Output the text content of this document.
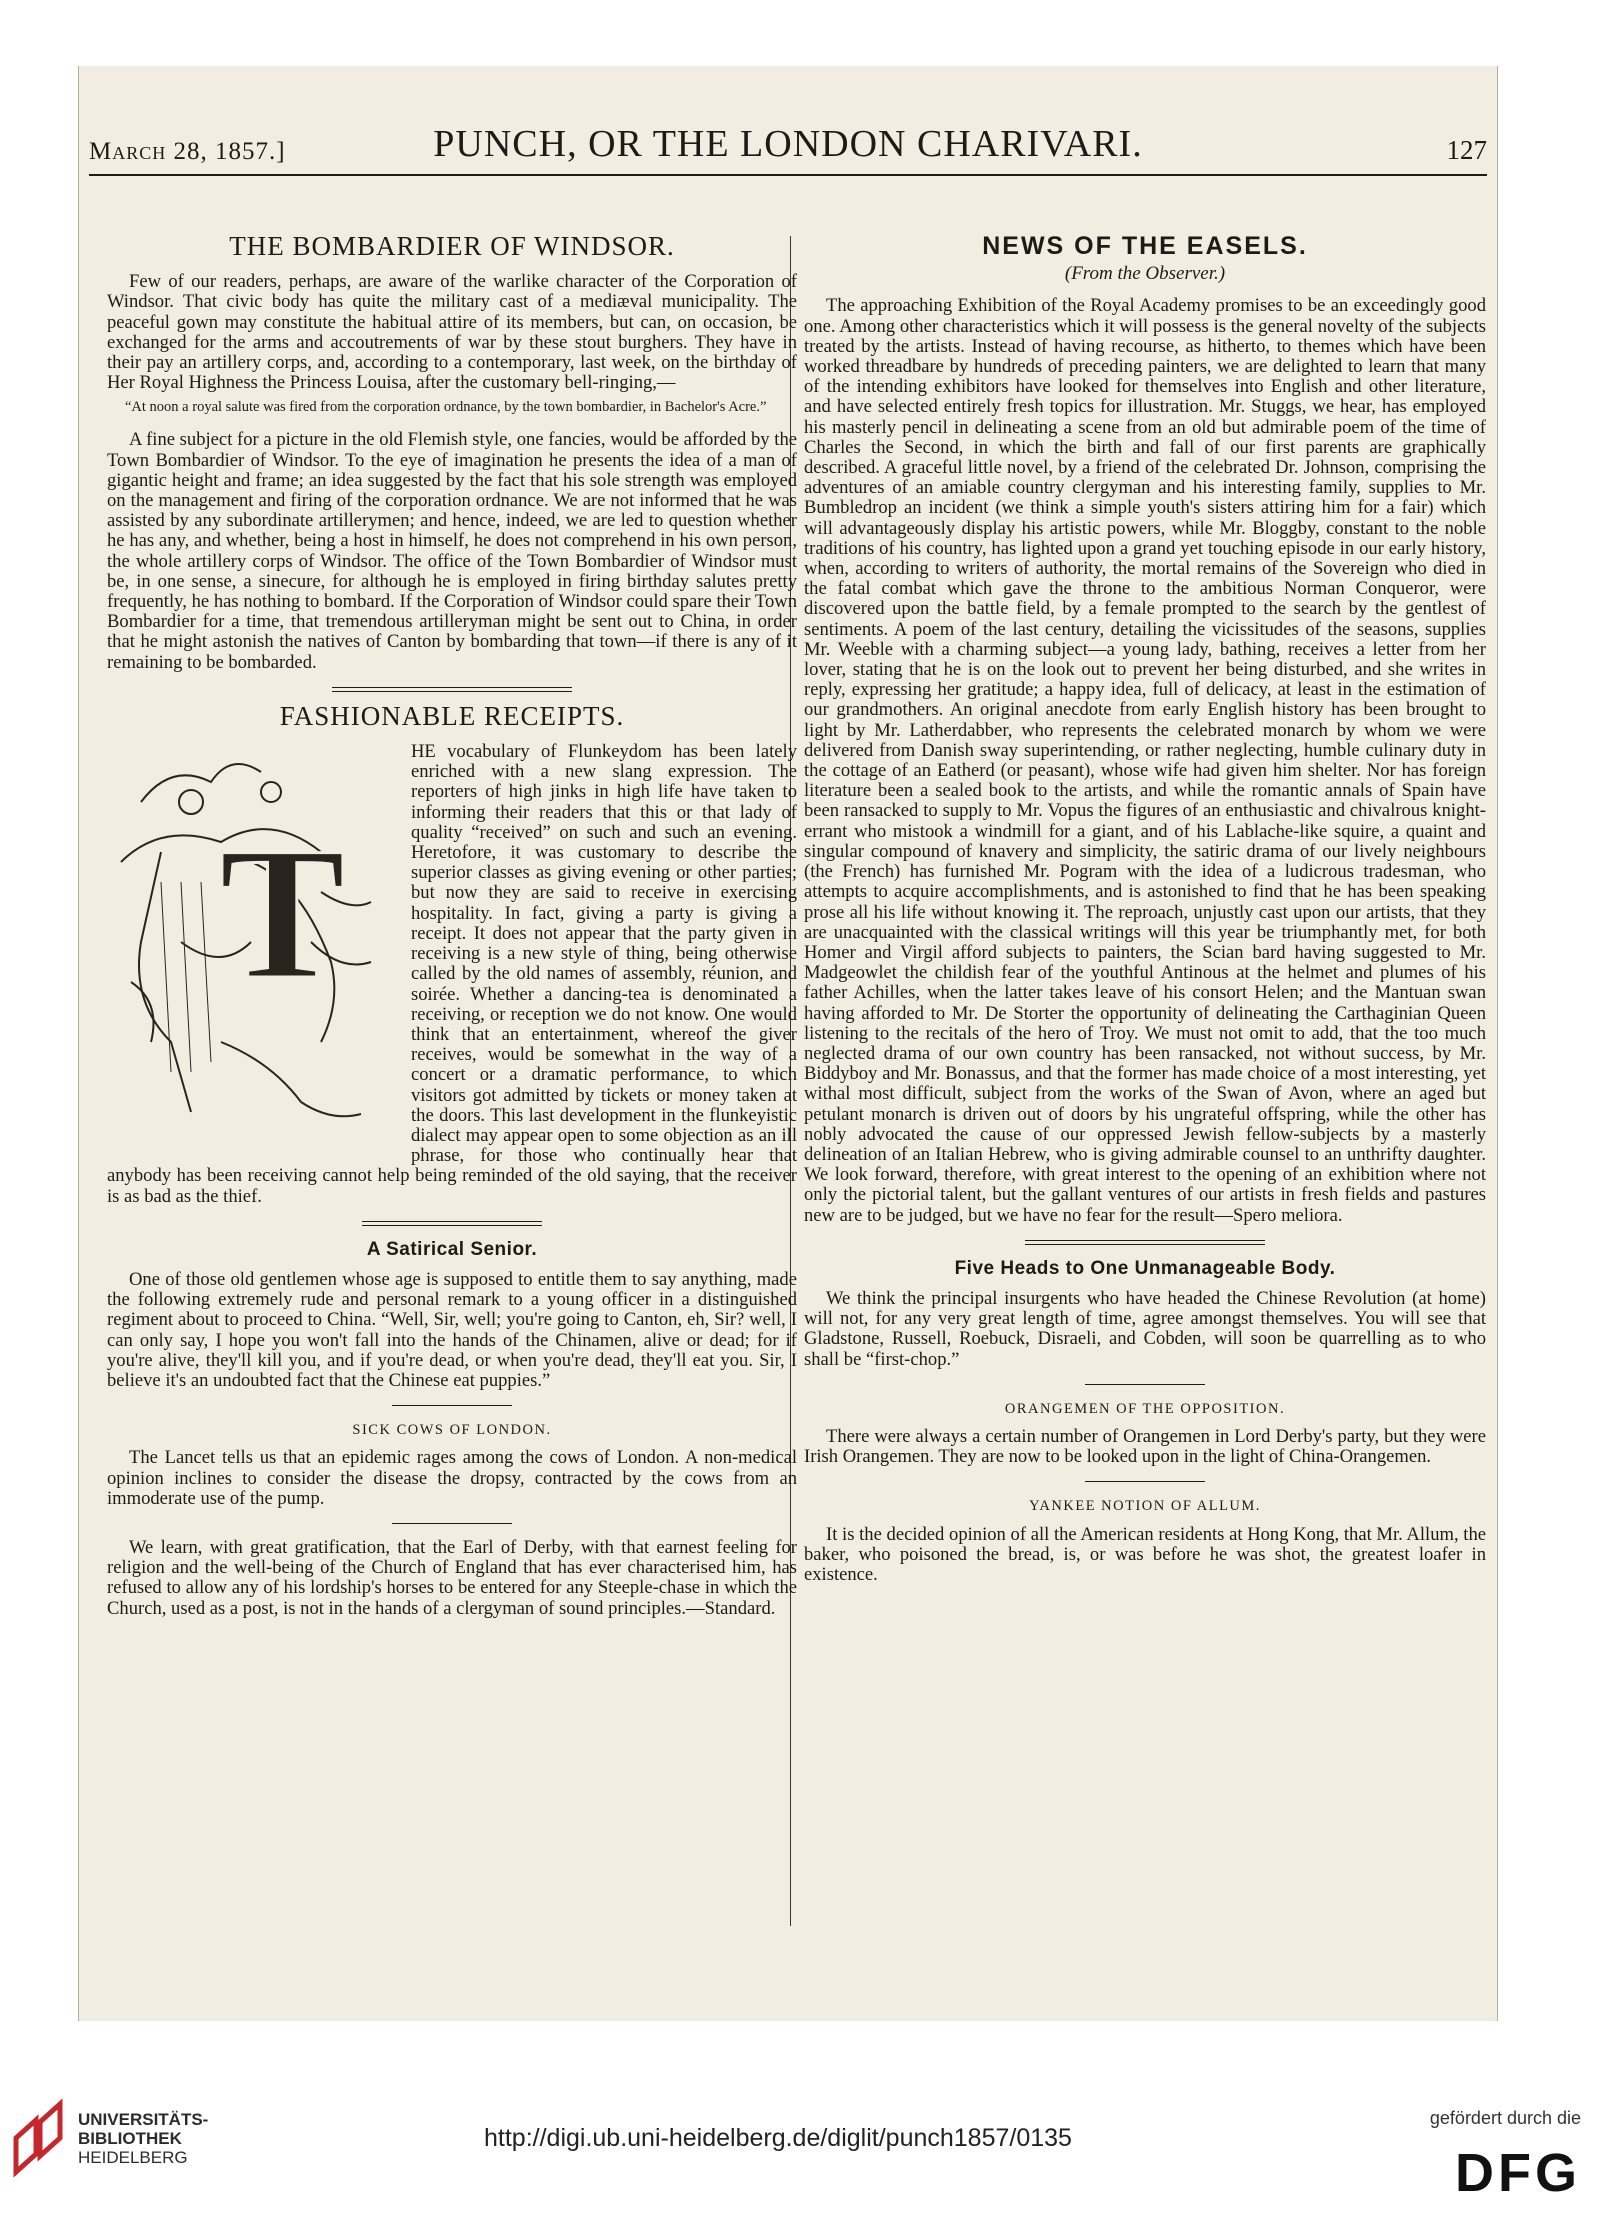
March 28, 1857.]	PUNCH, OR THE LONDON CHARIVARI.	127
THE BOMBARDIER OF WINDSOR.

Few of our readers, perhaps, are aware of the warlike character of the Corporation of Windsor. That civic body has quite the military cast of a mediæval municipality. The peaceful gown may constitute the habitual attire of its members, but can, on occasion, be exchanged for the arms and accoutrements of war by these stout burghers. They have in their pay an artillery corps, and, according to a contemporary, last week, on the birthday of Her Royal Highness the Princess Louisa, after the customary bell-ringing,—

“At noon a royal salute was fired from the corporation ordnance, by the town bombardier, in Bachelor's Acre.”

A fine subject for a picture in the old Flemish style, one fancies, would be afforded by the Town Bombardier of Windsor. To the eye of imagination he presents the idea of a man of gigantic height and frame; an idea suggested by the fact that his sole strength was employed on the management and firing of the corporation ordnance. We are not informed that he was assisted by any subordinate artillerymen; and hence, indeed, we are led to question whether he has any, and whether, being a host in himself, he does not comprehend in his own person, the whole artillery corps of Windsor. The office of the Town Bombardier of Windsor must be, in one sense, a sinecure, for although he is employed in firing birthday salutes pretty frequently, he has nothing to bombard. If the Corporation of Windsor could spare their Town Bombardier for a time, that tremendous artilleryman might be sent out to China, in order that he might astonish the natives of Canton by bombarding that town—if there is any of it remaining to be bombarded.

FASHIONABLE RECEIPTS.
T

HE vocabulary of Flunkeydom has been lately enriched with a new slang expression. The reporters of high jinks in high life have taken to informing their readers that this or that lady of quality “received” on such and such an evening. Heretofore, it was customary to describe the superior classes as giving evening or other parties; but now they are said to receive in exercising hospitality. In fact, giving a party is giving a receipt. It does not appear that the party given in receiving is a new style of thing, being otherwise called by the old names of assembly, réunion, and soirée. Whether a dancing-tea is denominated a receiving, or reception we do not know. One would think that an entertainment, whereof the giver receives, would be somewhat in the way of a concert or a dramatic performance, to which visitors got admitted by tickets or money taken at the doors. This last development in the flunkeyistic dialect may appear open to some objection as an ill phrase, for those who continually hear that anybody has been receiving cannot help being reminded of the old saying, that the receiver is as bad as the thief.

A Satirical Senior.

One of those old gentlemen whose age is supposed to entitle them to say anything, made the following extremely rude and personal remark to a young officer in a distinguished regiment about to proceed to China. “Well, Sir, well; you're going to Canton, eh, Sir? well, I can only say, I hope you won't fall into the hands of the Chinamen, alive or dead; for if you're alive, they'll kill you, and if you're dead, or when you're dead, they'll eat you. Sir, I believe it's an undoubted fact that the Chinese eat puppies.”

SICK COWS OF LONDON.

The Lancet tells us that an epidemic rages among the cows of London. A non-medical opinion inclines to consider the disease the dropsy, contracted by the cows from an immoderate use of the pump.

We learn, with great gratification, that the Earl of Derby, with that earnest feeling for religion and the well-being of the Church of England that has ever characterised him, has refused to allow any of his lordship's horses to be entered for any Steeple-chase in which the Church, used as a post, is not in the hands of a clergyman of sound principles.—Standard.

NEWS OF THE EASELS.
(From the Observer.)

The approaching Exhibition of the Royal Academy promises to be an exceedingly good one. Among other characteristics which it will possess is the general novelty of the subjects treated by the artists. Instead of having recourse, as hitherto, to themes which have been worked threadbare by hundreds of preceding painters, we are delighted to learn that many of the intending exhibitors have looked for themselves into English and other literature, and have selected entirely fresh topics for illustration. Mr. Stuggs, we hear, has employed his masterly pencil in delineating a scene from an old but admirable poem of the time of Charles the Second, in which the birth and fall of our first parents are graphically described. A graceful little novel, by a friend of the celebrated Dr. Johnson, comprising the adventures of an amiable country clergyman and his interesting family, supplies to Mr. Bumbledrop an incident (we think a simple youth's sisters attiring him for a fair) which will advantageously display his artistic powers, while Mr. Bloggby, constant to the noble traditions of his country, has lighted upon a grand yet touching episode in our early history, when, according to writers of authority, the mortal remains of the Sovereign who died in the fatal combat which gave the throne to the ambitious Norman Conqueror, were discovered upon the battle field, by a female prompted to the search by the gentlest of sentiments. A poem of the last century, detailing the vicissitudes of the seasons, supplies Mr. Weeble with a charming subject—a young lady, bathing, receives a letter from her lover, stating that he is on the look out to prevent her being disturbed, and she writes in reply, expressing her gratitude; a happy idea, full of delicacy, at least in the estimation of our grandmothers. An original anecdote from early English history has been brought to light by Mr. Latherdabber, who represents the celebrated monarch by whom we were delivered from Danish sway superintending, or rather neglecting, humble culinary duty in the cottage of an Eatherd (or peasant), whose wife had given him shelter. Nor has foreign literature been a sealed book to the artists, and while the romantic annals of Spain have been ransacked to supply to Mr. Vopus the figures of an enthusiastic and chivalrous knight-errant who mistook a windmill for a giant, and of his Lablache-like squire, a quaint and singular compound of knavery and simplicity, the satiric drama of our lively neighbours (the French) has furnished Mr. Pogram with the idea of a ludicrous tradesman, who attempts to acquire accomplishments, and is astonished to find that he has been speaking prose all his life without knowing it. The reproach, unjustly cast upon our artists, that they are unacquainted with the classical writings will this year be triumphantly met, for both Homer and Virgil afford subjects to painters, the Scian bard having suggested to Mr. Madgeowlet the childish fear of the youthful Antinous at the helmet and plumes of his father Achilles, when the latter takes leave of his consort Helen; and the Mantuan swan having afforded to Mr. De Storter the opportunity of delineating the Carthaginian Queen listening to the recitals of the hero of Troy. We must not omit to add, that the too much neglected drama of our own country has been ransacked, not without success, by Mr. Biddyboy and Mr. Bonassus, and that the former has made choice of a most interesting, yet withal most difficult, subject from the works of the Swan of Avon, where an aged but petulant monarch is driven out of doors by his ungrateful offspring, while the other has nobly advocated the cause of our oppressed Jewish fellow-subjects by a masterly delineation of an Italian Hebrew, who is giving admirable counsel to an unthrifty daughter. We look forward, therefore, with great interest to the opening of an exhibition where not only the pictorial talent, but the gallant ventures of our artists in fresh fields and pastures new are to be judged, but we have no fear for the result—Spero meliora.

Five Heads to One Unmanageable Body.

We think the principal insurgents who have headed the Chinese Revolution (at home) will not, for any very great length of time, agree amongst themselves. You will see that Gladstone, Russell, Roebuck, Disraeli, and Cobden, will soon be quarrelling as to who shall be “first-chop.”

ORANGEMEN OF THE OPPOSITION.

There were always a certain number of Orangemen in Lord Derby's party, but they were Irish Orangemen. They are now to be looked upon in the light of China-Orangemen.

YANKEE NOTION OF ALLUM.

It is the decided opinion of all the American residents at Hong Kong, that Mr. Allum, the baker, who poisoned the bread, is, or was before he was shot, the greatest loafer in existence.

UNIVERSITÄTS-
BIBLIOTHEK
HEIDELBERG
http://digi.ub.uni-heidelberg.de/diglit/punch1857/0135
gefördert durch die
DFG
